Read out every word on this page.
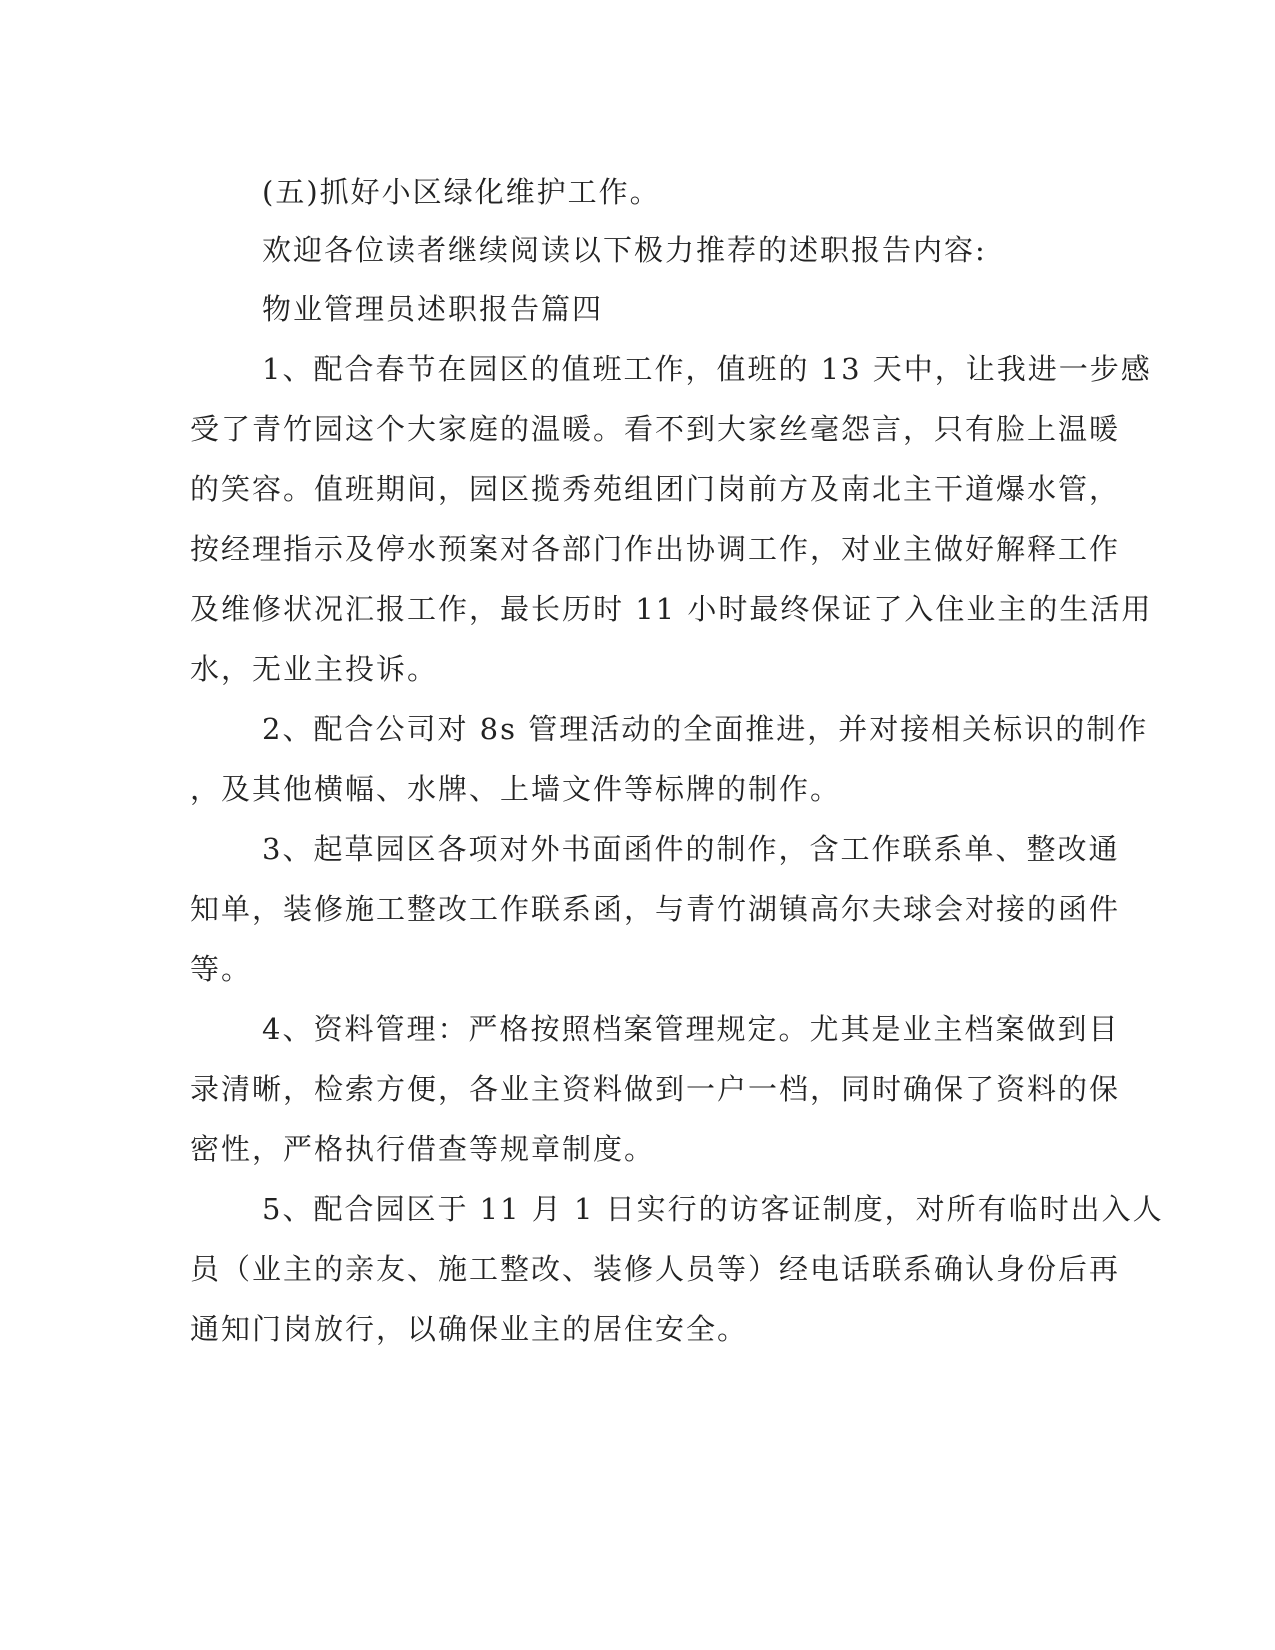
(五)抓好小区绿化维护工作。
欢迎各位读者继续阅读以下极力推荐的述职报告内容:
物业管理员述职报告篇四
1、配合春节在园区的值班工作，值班的 13 天中，让我进一步感
受了青竹园这个大家庭的温暖。看不到大家丝毫怨言，只有脸上温暖
的笑容。值班期间，园区揽秀苑组团门岗前方及南北主干道爆水管，
按经理指示及停水预案对各部门作出协调工作，对业主做好解释工作
及维修状况汇报工作，最长历时 11 小时最终保证了入住业主的生活用
水，无业主投诉。
2、配合公司对 8s 管理活动的全面推进，并对接相关标识的制作
，及其他横幅、水牌、上墙文件等标牌的制作。
3、起草园区各项对外书面函件的制作，含工作联系单、整改通
知单，装修施工整改工作联系函，与青竹湖镇高尔夫球会对接的函件
等。
4、资料管理：严格按照档案管理规定。尤其是业主档案做到目
录清晰，检索方便，各业主资料做到一户一档，同时确保了资料的保
密性，严格执行借查等规章制度。
5、配合园区于 11 月 1 日实行的访客证制度，对所有临时出入人
员（业主的亲友、施工整改、装修人员等）经电话联系确认身份后再
通知门岗放行，以确保业主的居住安全。
